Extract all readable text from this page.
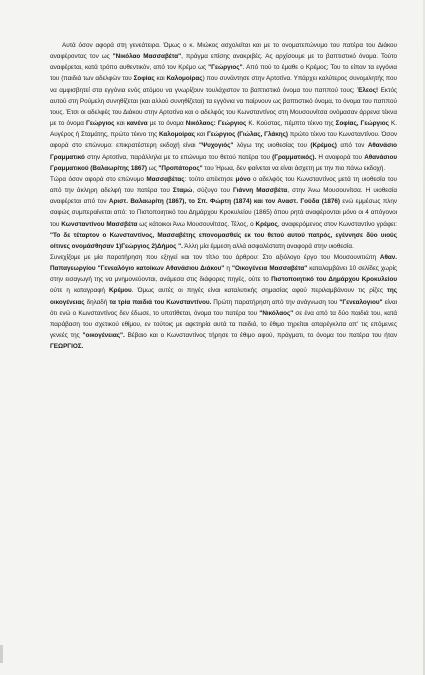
Αυτά όσον αφορά στη γενεάτειρα. Όμως ο κ. Μιώκος ασχολείται και με το ονοματεπώνυμο του πατέρα του Διάκου αναφέροντας τον ως "Νικόλαο Μασσαβέτα", πράγμα επίσης ανακριβές. Ας αρχίσουμε με το βαπτιστικό όνομα. Τούτο αναφέρεται, κατά τρόπο αυθεντικόν, από τον Κρέμο ως "Γεώργιος". Από πού το έμαθε ο Κρέμος; Του το είπαν τα εγγόνια του (παιδιά των αδελφών του Σοφίας και Καλομοίρας) που συνάντησε στην Αρτοτίνα. Υπάρχει καλύτερος συνομιλητής που να αμφισβητεί στα εγγόνια ενός ατόμου να γνωρίζουν τουλάχιστον το βαπτιστικό όνομα του παππού τους; Έλεος! Εκτός αυτού στη Ρούμελη συνηθίζεται (και αλλού συνηθίζεται) τα εγγόνια να παίρνουν ως βαπτιστικό όνομα, το όνομα του παππού τους. Έτσι οι αδελφές του Διάκου στην Αρτοτίνα και ο αδελφός του Κωνσταντίνος στη Μουσουνίτσα ονόμασαν άρρενα τέκνα με το όνομα Γεώργιος και κανένα με το όνομα Νικόλαος: Γεώργιος Κ. Κούστας, πέμπτο τέκνο της Σοφίας, Γεώργιος Κ. Αυγέρος ή Σταμάτης, πρώτο τέκνο της Καλομοίρας και Γεώργιος (Γιώλας, Γλάκης) πρώτο τέκνο του Κωνσταντίνου. Όσον αφορά στο επώνυμο: επικρατέστερη εκδοχή είναι "Ψυχογιός" λόγω της υιοθεσίας του (Κρέμος) από τον Αθανάσιο Γραμματικό στην Αρτοτίνα, παράλληλα με το επώνυμο του θετού πατέρα του (Γραμματικός). Η αναφορά του Αθανάσιου Γραμματικού (Βαλαωρίτης 1867) ως "Προπάτορος" του Ήρωα, δεν φαίνεται να είναι άσχετη με την πιο πάνω εκδοχή.

Τώρα όσον αφορά στο επώνυμο Μασσαβέτας: τούτο απέκτησε μόνο ο αδελφός του Κωνσταντίνος μετά τη υιοθεσία του από την άκληρη αδελφή του πατέρα του Σταμώ, σύζυγο του Γιάννη Μασσβέτα, στην Άνω Μουσουνίτσα. Η υιοθεσία αναφέρεται από τον Αριστ. Βαλαωρίτη (1867), το Σπ. Φώρτη (1874) και τον Αναστ. Γούδα (1876) ενώ εμμέσως πλην σαφώς συμπεραίνεται από: το Πιστοποιητικό του Δημάρχου Κροκυλείου (1865) όπου ρητά αναφέρονται μόνο οι 4 απόγονοι του Κωνσταντίνου Μασσβέτα ως κάτοικοι Άνω Μουσουνίτσας. Τέλος, ο Κρέμος, αναφερόμενος στον Κωνσταντίνο γράφει: "Το δε τέταρτον ο Κωνσταντίνος, Μασσαβέτης επονομασθείς εκ του θετού αυτού πατρός, εγέννησε δύο υιούς οίτινες ονομάσθησαν 1)Γεώργιος 2)Δήμος ". Άλλη μία έμμεση αλλά ασφαλέστατη αναφορά στην υιοθεσία.

Συνεχίζομε με μία παρατήρηση που εξηγεί και τον τίτλο του άρθρου: Στο αξιόλογο έργο του Μουσουνιτιώτη Αθαν. Παπαγεωργίου "Γενεαλόγιο κατοίκων Αθανάσιου Διάκου" η "Οικογένεια Μασσαβέτα" καταλαμβάνει 10 σελίδες χωρίς στην εισαγωγή της να μνημονεύονται, ανάμεσα στις διάφορες πηγές, ούτε το Πιστοποιητικό του Δημάρχου Κροκυλείου ούτε η καταγραφή Κρέμου. Όμως αυτές οι πηγές είναι καταλυτικής σημασίας αφού περιλαμβάνουν τις ρίζες της οικογένειας δηλαδή τα τρία παιδιά του Κωνσταντίνου. Πρώτη παρατήρηση από την ανάγνωση του "Γενεαλογιου" είναι ότι ενώ ο Κωνσταντίνος δεν έδωσε, το υποτίθεται, όνομα του πατέρα του "Νικόλαος" σε ένα από τα δύο παιδιά του, κατά παράβαση του σχετικού εθίμου, εν τούτοις με αφετηρία αυτά τα παιδιά, το έθιμο τηρείται απαρέγκλιτα απ' τις επόμενες γενεές της "οικογένειας". Βέβαιο και ο Κωνσταντίνος τήρησε το έθιμο αφού, πράγματι, το όνομα του πατέρα του ήταν ΓΕΩΡΓΙΟΣ.
